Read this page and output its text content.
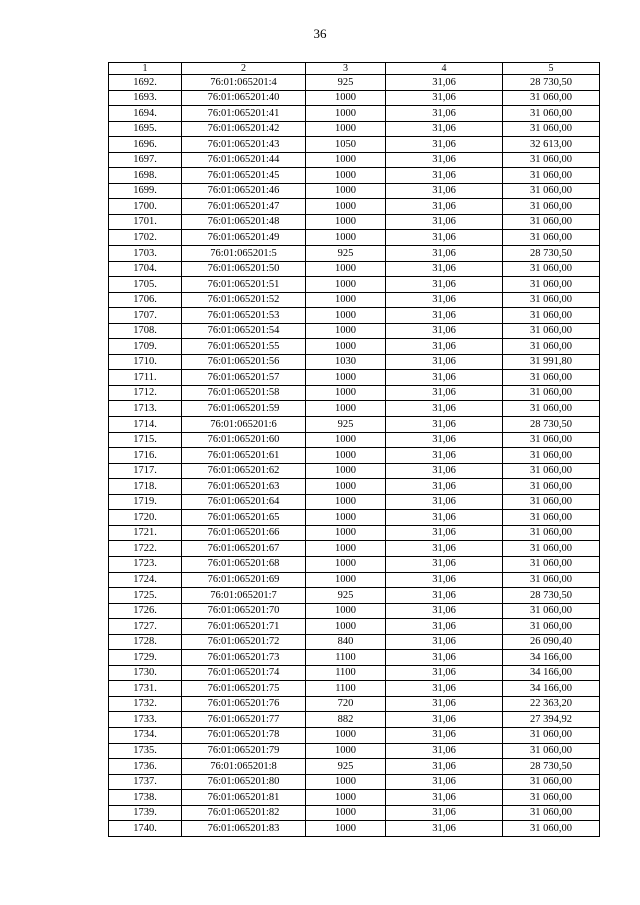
36
1	2	3	4	5
1692.	76:01:065201:4	925	31,06	28 730,50
1693.	76:01:065201:40	1000	31,06	31 060,00
1694.	76:01:065201:41	1000	31,06	31 060,00
1695.	76:01:065201:42	1000	31,06	31 060,00
1696.	76:01:065201:43	1050	31,06	32 613,00
1697.	76:01:065201:44	1000	31,06	31 060,00
1698.	76:01:065201:45	1000	31,06	31 060,00
1699.	76:01:065201:46	1000	31,06	31 060,00
1700.	76:01:065201:47	1000	31,06	31 060,00
1701.	76:01:065201:48	1000	31,06	31 060,00
1702.	76:01:065201:49	1000	31,06	31 060,00
1703.	76:01:065201:5	925	31,06	28 730,50
1704.	76:01:065201:50	1000	31,06	31 060,00
1705.	76:01:065201:51	1000	31,06	31 060,00
1706.	76:01:065201:52	1000	31,06	31 060,00
1707.	76:01:065201:53	1000	31,06	31 060,00
1708.	76:01:065201:54	1000	31,06	31 060,00
1709.	76:01:065201:55	1000	31,06	31 060,00
1710.	76:01:065201:56	1030	31,06	31 991,80
1711.	76:01:065201:57	1000	31,06	31 060,00
1712.	76:01:065201:58	1000	31,06	31 060,00
1713.	76:01:065201:59	1000	31,06	31 060,00
1714.	76:01:065201:6	925	31,06	28 730,50
1715.	76:01:065201:60	1000	31,06	31 060,00
1716.	76:01:065201:61	1000	31,06	31 060,00
1717.	76:01:065201:62	1000	31,06	31 060,00
1718.	76:01:065201:63	1000	31,06	31 060,00
1719.	76:01:065201:64	1000	31,06	31 060,00
1720.	76:01:065201:65	1000	31,06	31 060,00
1721.	76:01:065201:66	1000	31,06	31 060,00
1722.	76:01:065201:67	1000	31,06	31 060,00
1723.	76:01:065201:68	1000	31,06	31 060,00
1724.	76:01:065201:69	1000	31,06	31 060,00
1725.	76:01:065201:7	925	31,06	28 730,50
1726.	76:01:065201:70	1000	31,06	31 060,00
1727.	76:01:065201:71	1000	31,06	31 060,00
1728.	76:01:065201:72	840	31,06	26 090,40
1729.	76:01:065201:73	1100	31,06	34 166,00
1730.	76:01:065201:74	1100	31,06	34 166,00
1731.	76:01:065201:75	1100	31,06	34 166,00
1732.	76:01:065201:76	720	31,06	22 363,20
1733.	76:01:065201:77	882	31,06	27 394,92
1734.	76:01:065201:78	1000	31,06	31 060,00
1735.	76:01:065201:79	1000	31,06	31 060,00
1736.	76:01:065201:8	925	31,06	28 730,50
1737.	76:01:065201:80	1000	31,06	31 060,00
1738.	76:01:065201:81	1000	31,06	31 060,00
1739.	76:01:065201:82	1000	31,06	31 060,00
1740.	76:01:065201:83	1000	31,06	31 060,00
